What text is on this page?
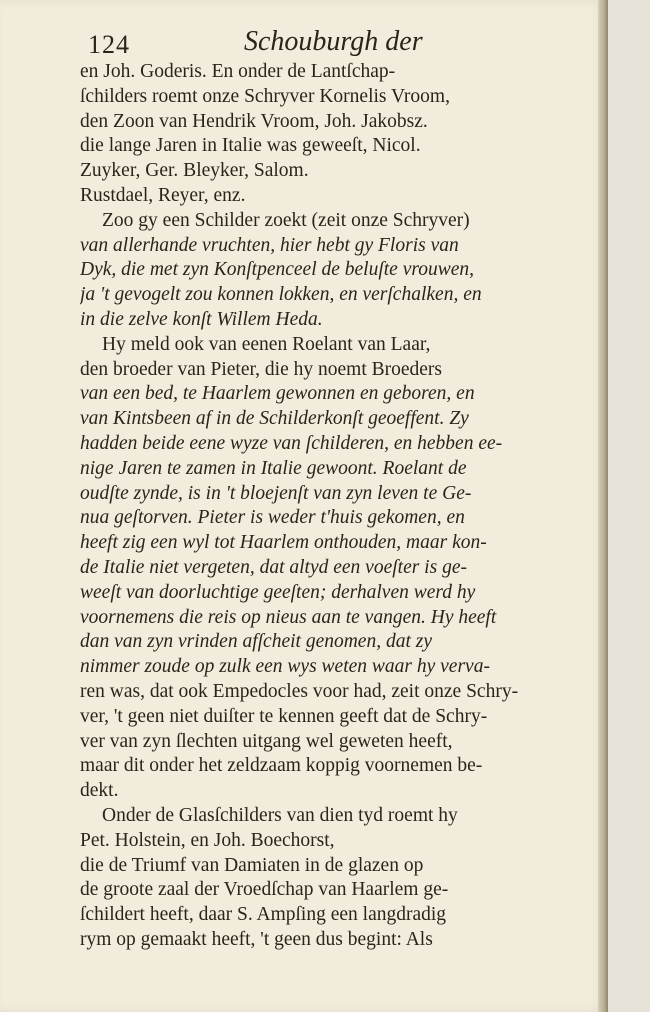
124	Schouburgh der
en Joh. Goderis. En onder de Lantſchap-
ſchilders roemt onze Schryver Kornelis Vroom,
den Zoon van Hendrik Vroom, Joh. Jakobsz.
die lange Jaren in Italie was geweeſt, Nicol.
Zuyker, Ger. Bleyker, Salom.
Rustdael, Reyer, enz.
Zoo gy een Schilder zoekt (zeit onze Schryver)
van allerhande vruchten, hier hebt gy Floris van
Dyk, die met zyn Konſtpenceel de beluſte vrouwen,
ja 't gevogelt zou konnen lokken, en verſchalken, en
in die zelve konſt Willem Heda.
Hy meld ook van eenen Roelant van Laar,
den broeder van Pieter, die hy noemt Broeders
van een bed, te Haarlem gewonnen en geboren, en
van Kintsbeen af in de Schilderkonſt geoeffent. Zy
hadden beide eene wyze van ſchilderen, en hebben ee-
nige Jaren te zamen in Italie gewoont. Roelant de
oudſte zynde, is in 't bloejenſt van zyn leven te Ge-
nua geſtorven. Pieter is weder t'huis gekomen, en
heeft zig een wyl tot Haarlem onthouden, maar kon-
de Italie niet vergeten, dat altyd een voeſter is ge-
weeſt van doorluchtige geeſten; derhalven werd hy
voornemens die reis op nieus aan te vangen. Hy heeft
dan van zyn vrinden afſcheit genomen, dat zy
nimmer zoude op zulk een wys weten waar hy verva-
ren was, dat ook Empedocles voor had, zeit onze Schry-
ver, 't geen niet duiſter te kennen geeft dat de Schry-
ver van zyn ſlechten uitgang wel geweten heeft,
maar dit onder het zeldzaam koppig voornemen be-
dekt.
Onder de Glasſchilders van dien tyd roemt hy
Pet. Holstein, en Joh. Boechorst,
die de Triumf van Damiaten in de glazen op
de groote zaal der Vroedſchap van Haarlem ge-
ſchildert heeft, daar S. Ampſing een langdradig
rym op gemaakt heeft, 't geen dus begint: Als
